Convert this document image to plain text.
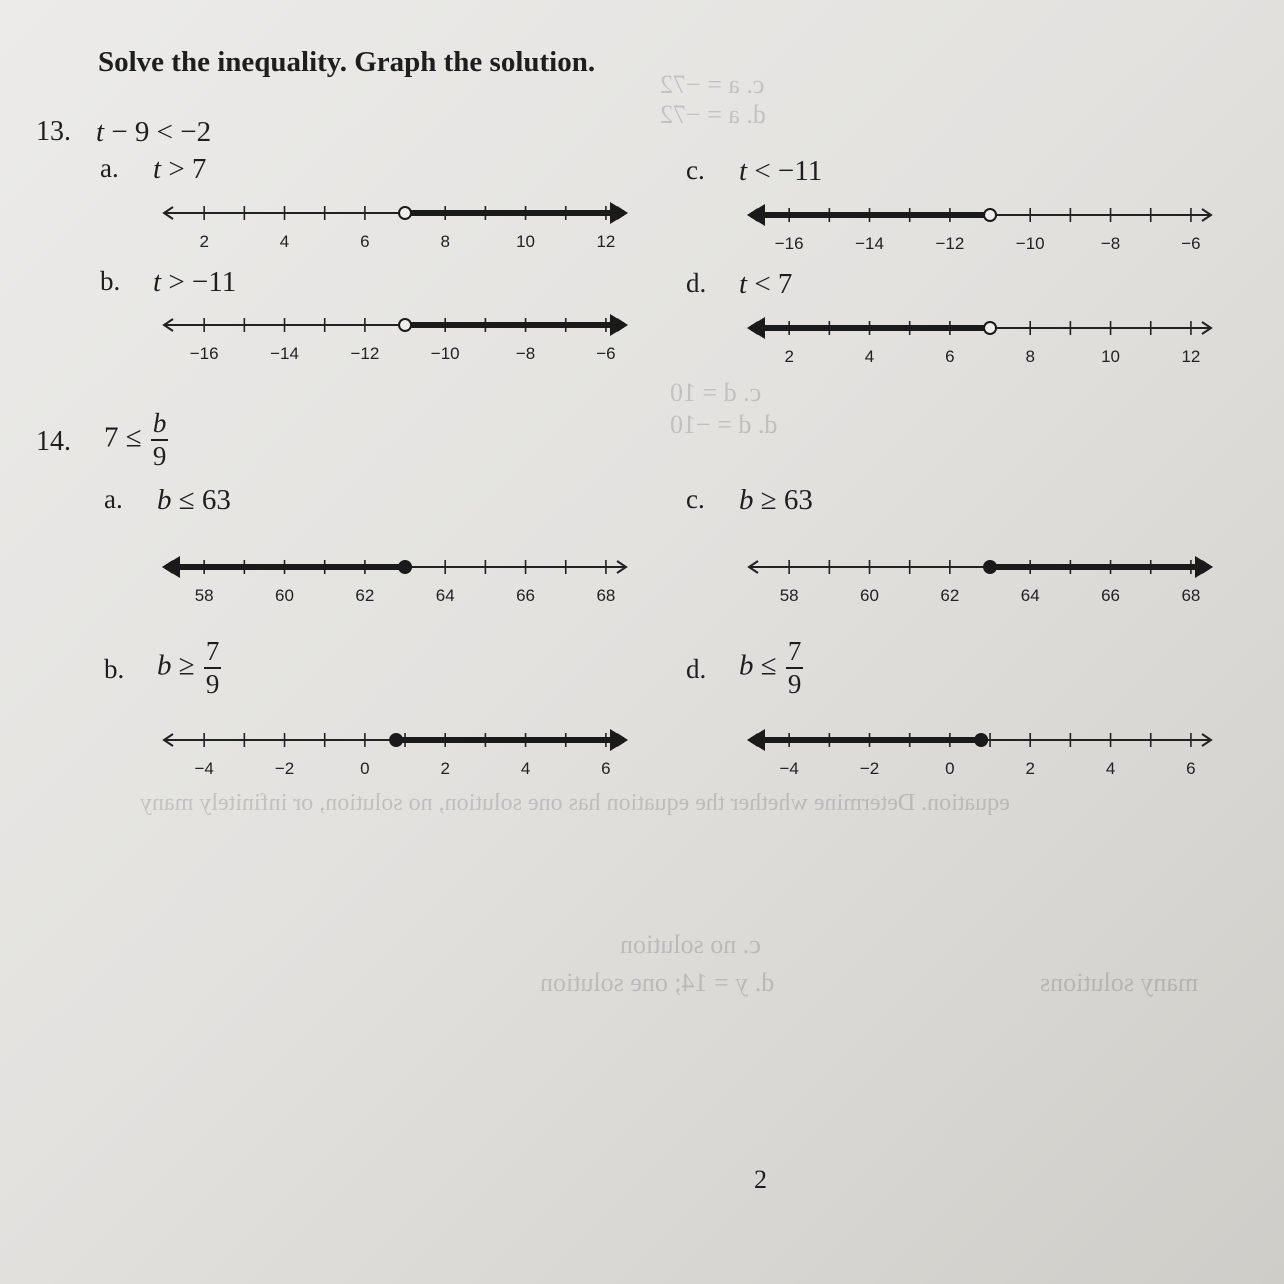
c. a = −72
d. a = −72
c. d = 10
d. d = −10
equation. Determine whether the equation has one solution, no solution, or infinitely many
c. no solution
d. y = 14; one solution	many solutions
Solve the inequality. Graph the solution.
13. t − 9 < −2
a. t > 7
2	4	6	8	10	12
b. t > −11
−16	−14	−12	−10	−8	−6
c. t < −11
−16	−14	−12	−10	−8	−6
d. t < 7
2	4	6	8	10	12
14. $7 \le \frac{b}{9}$
a. b ≤ 63
58	60	62	64	66	68
b. $b \ge \frac{7}{9}$
−4	−2	0	2	4	6
c. b ≥ 63
58	60	62	64	66	68
d. $b \le \frac{7}{9}$
−4	−2	0	2	4	6
2
